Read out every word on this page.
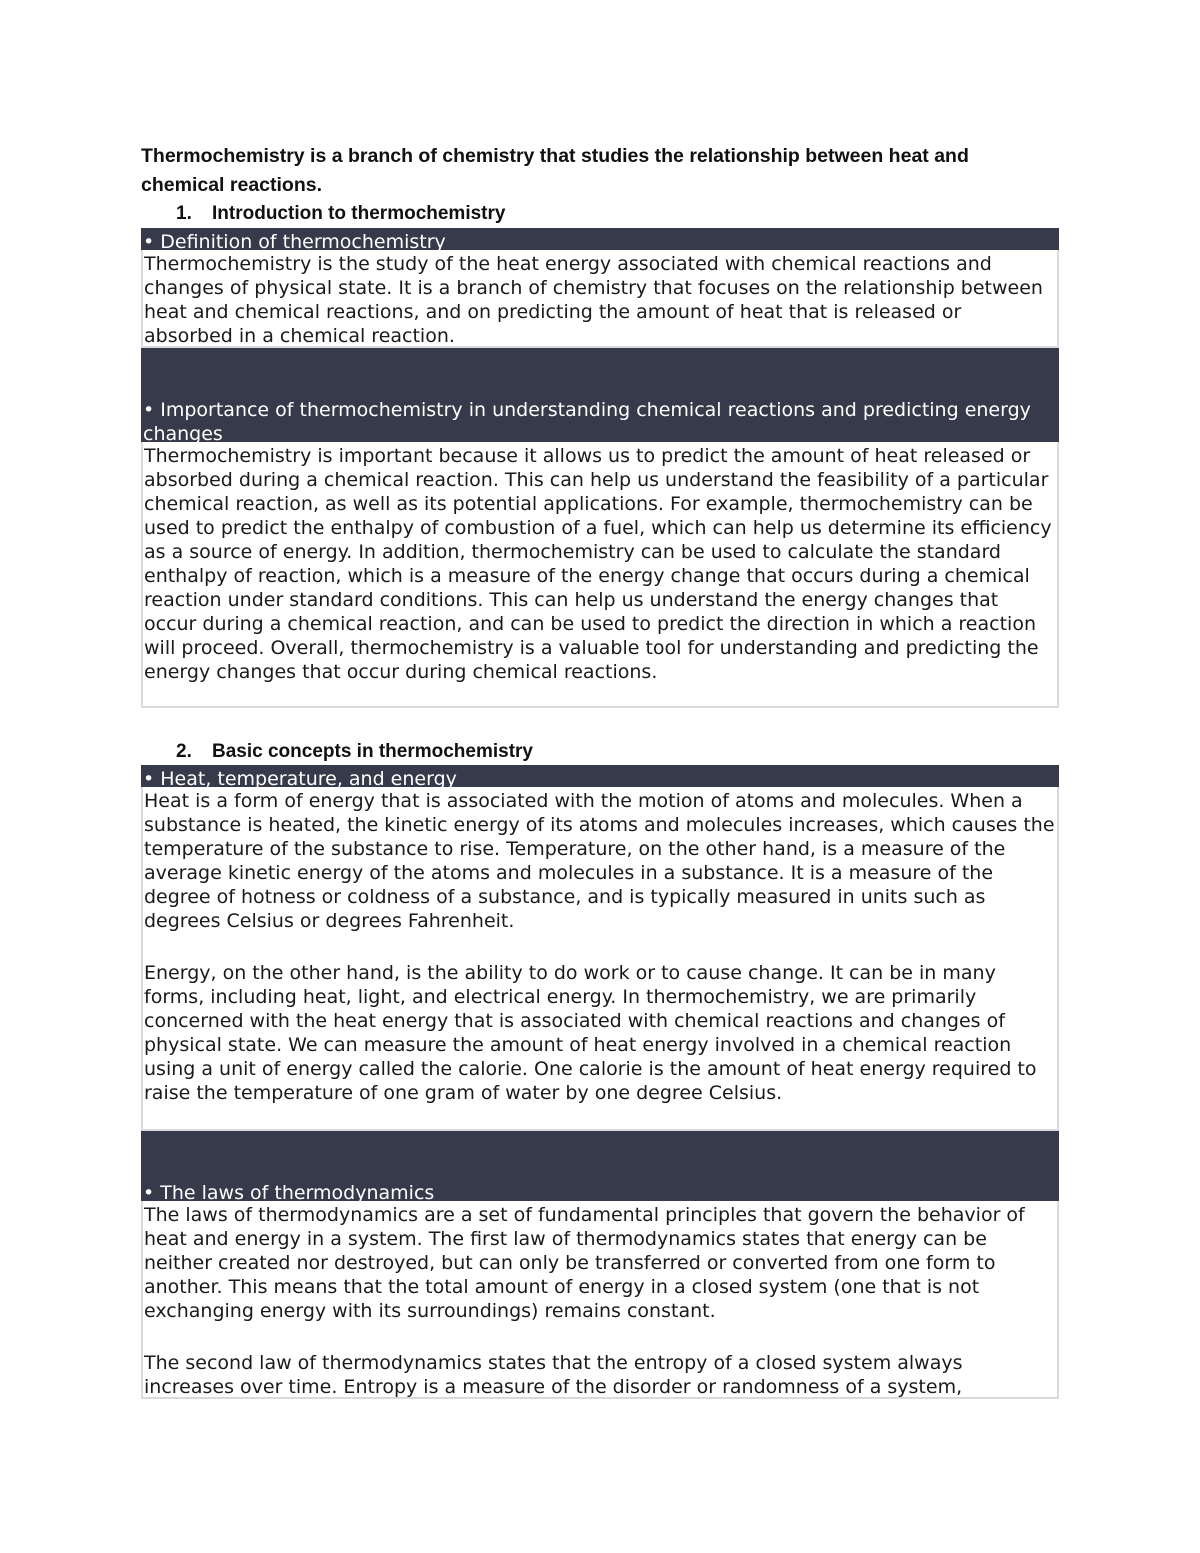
Thermochemistry is a branch of chemistry that studies the relationship between heat and chemical reactions.
1. Introduction to thermochemistry
• Definition of thermochemistry

Thermochemistry is the study of the heat energy associated with chemical reactions and changes of physical state. It is a branch of chemistry that focuses on the relationship between heat and chemical reactions, and on predicting the amount of heat that is released or absorbed in a chemical reaction.

• Importance of thermochemistry in understanding chemical reactions and predicting energy changes

Thermochemistry is important because it allows us to predict the amount of heat released or absorbed during a chemical reaction. This can help us understand the feasibility of a particular chemical reaction, as well as its potential applications. For example, thermochemistry can be used to predict the enthalpy of combustion of a fuel, which can help us determine its efficiency as a source of energy. In addition, thermochemistry can be used to calculate the standard enthalpy of reaction, which is a measure of the energy change that occurs during a chemical reaction under standard conditions. This can help us understand the energy changes that occur during a chemical reaction, and can be used to predict the direction in which a reaction will proceed. Overall, thermochemistry is a valuable tool for understanding and predicting the energy changes that occur during chemical reactions.

2. Basic concepts in thermochemistry
• Heat, temperature, and energy

Heat is a form of energy that is associated with the motion of atoms and molecules. When a substance is heated, the kinetic energy of its atoms and molecules increases, which causes the temperature of the substance to rise. Temperature, on the other hand, is a measure of the average kinetic energy of the atoms and molecules in a substance. It is a measure of the degree of hotness or coldness of a substance, and is typically measured in units such as degrees Celsius or degrees Fahrenheit.

Energy, on the other hand, is the ability to do work or to cause change. It can be in many forms, including heat, light, and electrical energy. In thermochemistry, we are primarily concerned with the heat energy that is associated with chemical reactions and changes of physical state. We can measure the amount of heat energy involved in a chemical reaction using a unit of energy called the calorie. One calorie is the amount of heat energy required to raise the temperature of one gram of water by one degree Celsius.

• The laws of thermodynamics

The laws of thermodynamics are a set of fundamental principles that govern the behavior of heat and energy in a system. The first law of thermodynamics states that energy can be neither created nor destroyed, but can only be transferred or converted from one form to another. This means that the total amount of energy in a closed system (one that is not exchanging energy with its surroundings) remains constant.

The second law of thermodynamics states that the entropy of a closed system always increases over time. Entropy is a measure of the disorder or randomness of a system,
